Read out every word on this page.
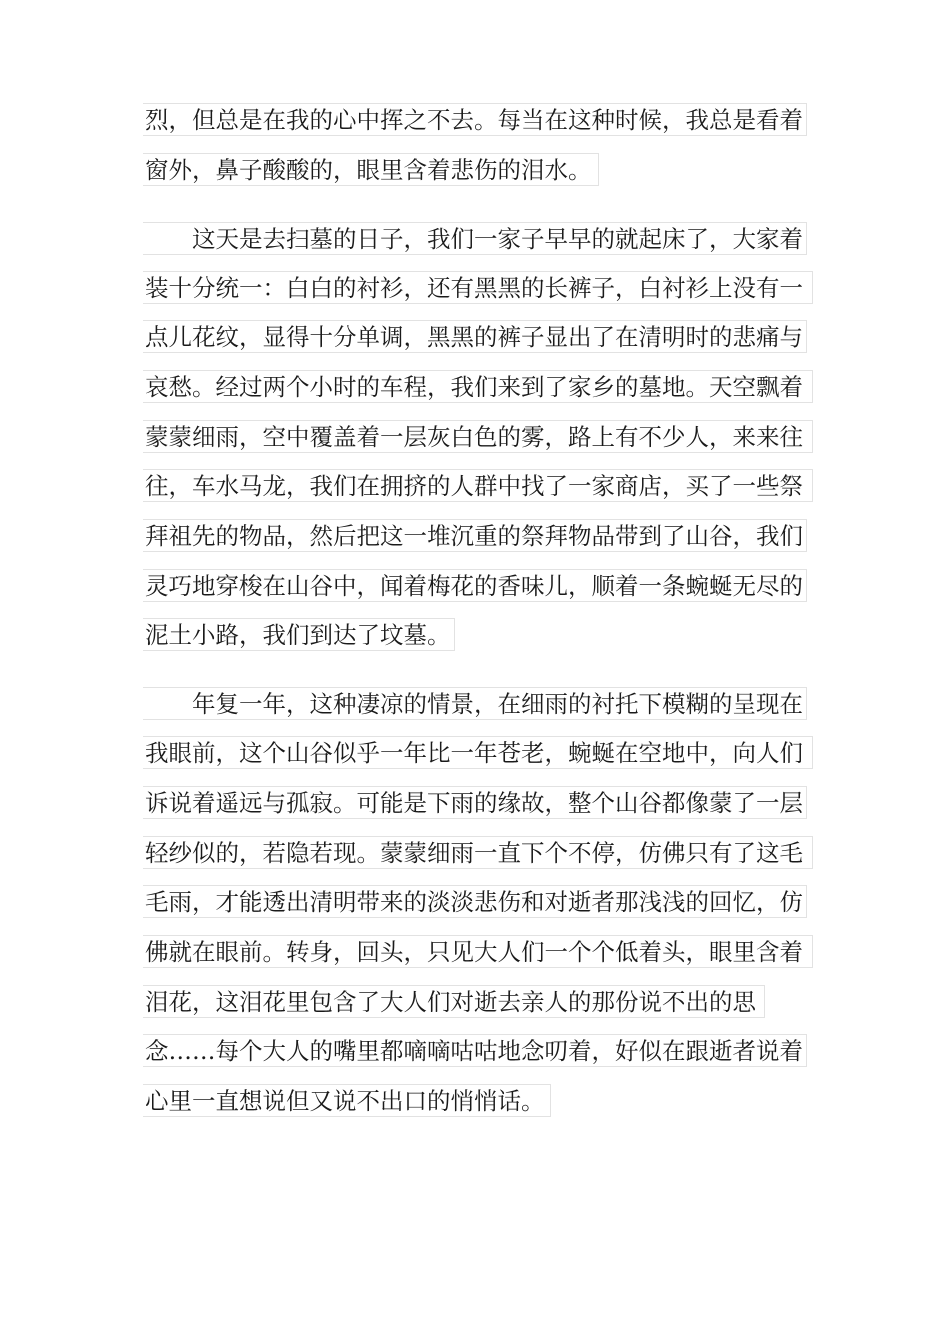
烈，但总是在我的心中挥之不去。每当在这种时候，我总是看着
窗外，鼻子酸酸的，眼里含着悲伤的泪水。
　　这天是去扫墓的日子，我们一家子早早的就起床了，大家着
装十分统一：白白的衬衫，还有黑黑的长裤子，白衬衫上没有一
点儿花纹，显得十分单调，黑黑的裤子显出了在清明时的悲痛与
哀愁。经过两个小时的车程，我们来到了家乡的墓地。天空飘着
蒙蒙细雨，空中覆盖着一层灰白色的雾，路上有不少人，来来往
往，车水马龙，我们在拥挤的人群中找了一家商店，买了一些祭
拜祖先的物品，然后把这一堆沉重的祭拜物品带到了山谷，我们
灵巧地穿梭在山谷中，闻着梅花的香味儿，顺着一条蜿蜒无尽的
泥土小路，我们到达了坟墓。
　　年复一年，这种凄凉的情景，在细雨的衬托下模糊的呈现在
我眼前，这个山谷似乎一年比一年苍老，蜿蜒在空地中，向人们
诉说着遥远与孤寂。可能是下雨的缘故，整个山谷都像蒙了一层
轻纱似的，若隐若现。蒙蒙细雨一直下个不停，仿佛只有了这毛
毛雨，才能透出清明带来的淡淡悲伤和对逝者那浅浅的回忆，仿
佛就在眼前。转身，回头，只见大人们一个个低着头，眼里含着
泪花，这泪花里包含了大人们对逝去亲人的那份说不出的思
念……每个大人的嘴里都嘀嘀咕咕地念叨着，好似在跟逝者说着
心里一直想说但又说不出口的悄悄话。
